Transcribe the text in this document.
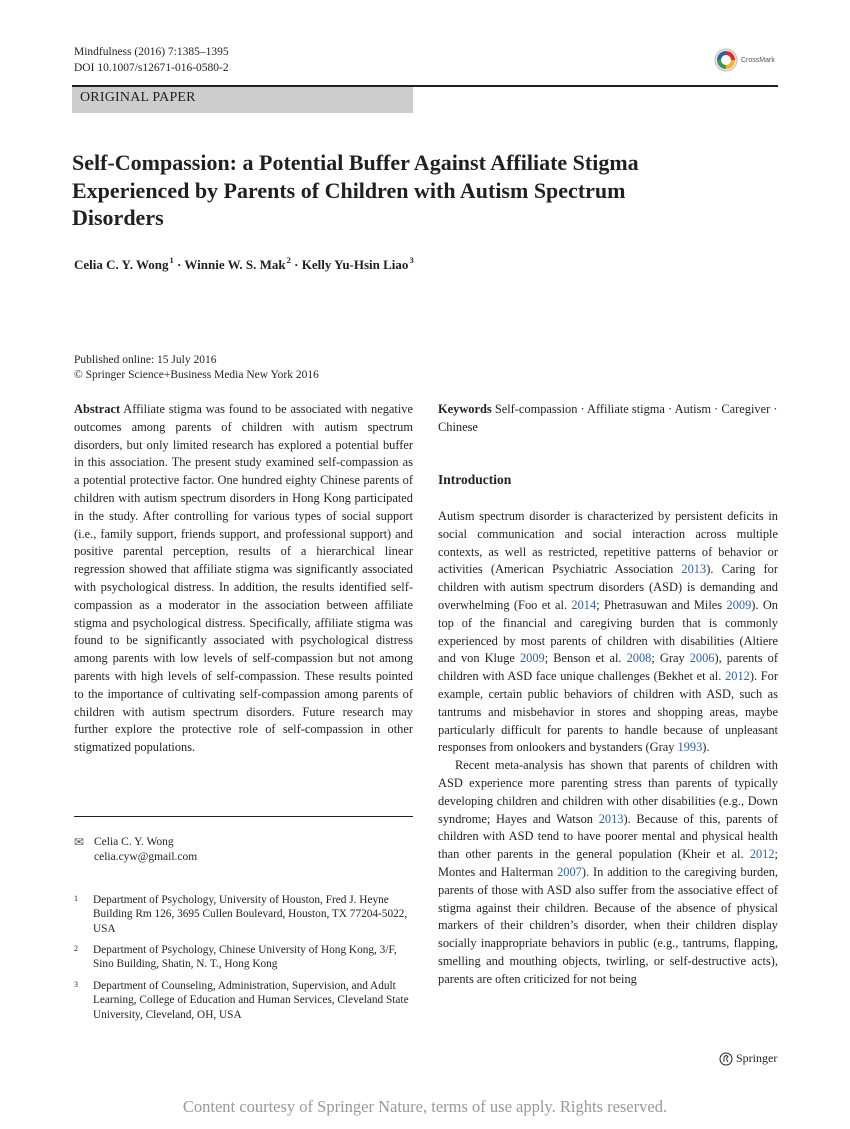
Mindfulness (2016) 7:1385–1395
DOI 10.1007/s12671-016-0580-2
CrossMark
ORIGINAL PAPER
Self-Compassion: a Potential Buffer Against Affiliate Stigma
Experienced by Parents of Children with Autism Spectrum
Disorders
Celia C. Y. Wong$^1$ · Winnie W. S. Mak$^2$ · Kelly Yu-Hsin Liao$^3$
Published online: 15 July 2016
© Springer Science+Business Media New York 2016

Abstract Affiliate stigma was found to be associated with negative outcomes among parents of children with autism spectrum disorders, but only limited research has explored a potential buffer in this association. The present study examined self-compassion as a potential protective factor. One hundred eighty Chinese parents of children with autism spectrum disorders in Hong Kong participated in the study. After controlling for various types of social support (i.e., family support, friends support, and professional support) and positive parental perception, results of a hierarchical linear regression showed that affiliate stigma was significantly associated with psychological distress. In addition, the results identified self-compassion as a moderator in the association between affiliate stigma and psychological distress. Specifically, affiliate stigma was found to be significantly associated with psychological distress among parents with low levels of self-compassion but not among parents with high levels of self-compassion. These results pointed to the importance of cultivating self-compassion among parents of children with autism spectrum disorders. Future research may further explore the protective role of self-compassion in other stigmatized populations.

Keywords Self-compassion · Affiliate stigma · Autism · Caregiver · Chinese

Introduction

Autism spectrum disorder is characterized by persistent deficits in social communication and social interaction across multiple contexts, as well as restricted, repetitive patterns of behavior or activities (American Psychiatric Association 2013). Caring for children with autism spectrum disorders (ASD) is demanding and overwhelming (Foo et al. 2014; Phetrasuwan and Miles 2009). On top of the financial and caregiving burden that is commonly experienced by most parents of children with disabilities (Altiere and von Kluge 2009; Benson et al. 2008; Gray 2006), parents of children with ASD face unique challenges (Bekhet et al. 2012). For example, certain public behaviors of children with ASD, such as tantrums and misbehavior in stores and shopping areas, maybe particularly difficult for parents to handle because of unpleasant responses from onlookers and bystanders (Gray 1993).

Recent meta-analysis has shown that parents of children with ASD experience more parenting stress than parents of typically developing children and children with other disabilities (e.g., Down syndrome; Hayes and Watson 2013). Because of this, parents of children with ASD tend to have poorer mental and physical health than other parents in the general population (Kheir et al. 2012; Montes and Halterman 2007). In addition to the caregiving burden, parents of those with ASD also suffer from the associative effect of stigma against their children. Because of the absence of physical markers of their children’s disorder, when their children display socially inappropriate behaviors in public (e.g., tantrums, flapping, smelling and mouthing objects, twirling, or self-destructive acts), parents are often criticized for not being

✉ Celia C. Y. Wong
celia.cyw@gmail.com
1	Department of Psychology, University of Houston, Fred J. Heyne Building Rm 126, 3695 Cullen Boulevard, Houston, TX 77204-5022, USA
2	Department of Psychology, Chinese University of Hong Kong, 3/F, Sino Building, Shatin, N. T., Hong Kong
3	Department of Counseling, Administration, Supervision, and Adult Learning, College of Education and Human Services, Cleveland State University, Cleveland, OH, USA
Springer
Content courtesy of Springer Nature, terms of use apply. Rights reserved.
